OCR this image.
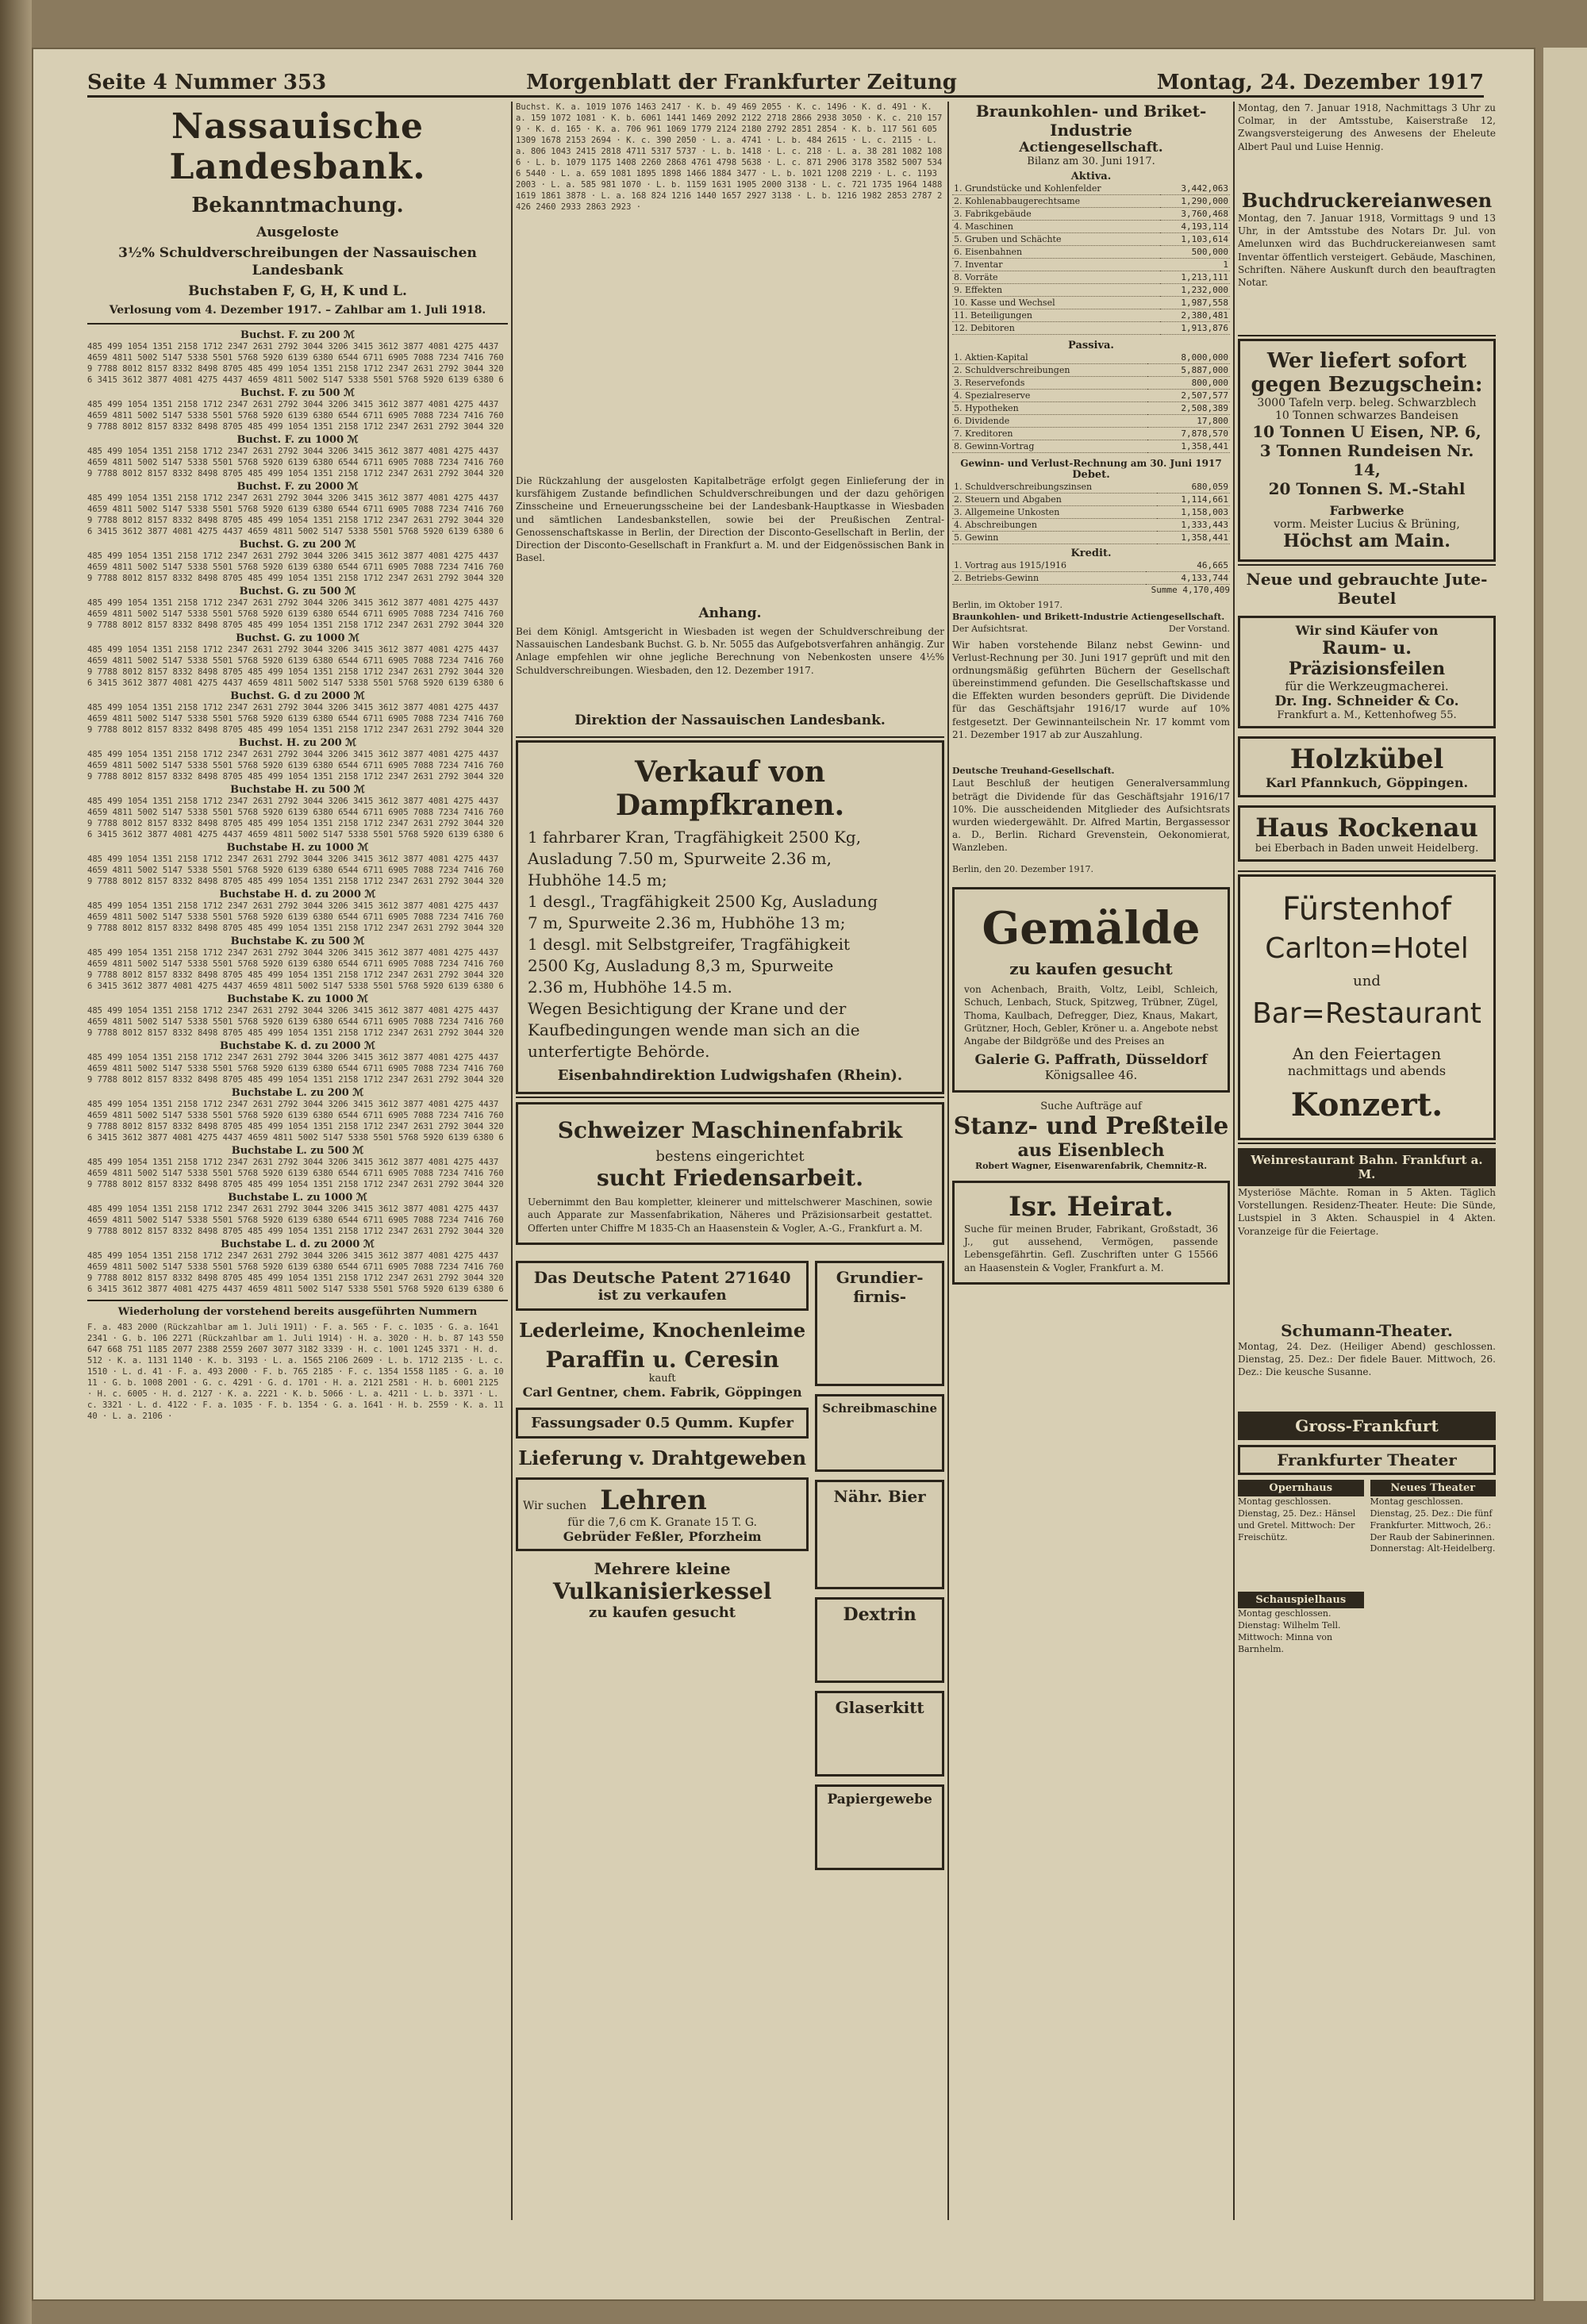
Seite 4 Nummer 353	Morgenblatt der Frankfurter Zeitung	Montag, 24. Dezember 1917
Nassauische Landesbank.
Bekanntmachung.
Ausgeloste
3½% Schuldverschreibungen der Nassauischen Landesbank
Buchstaben F, G, H, K und L.
Verlosung vom 4. Dezember 1917. – Zahlbar am 1. Juli 1918.
Buchst. F. zu 200 ℳ
485 499 1054 1351 2158 1712 2347 2631 2792 3044 3206 3415 3612 3877 4081 4275 4437 4659 4811 5002 5147 5338 5501 5768 5920 6139 6380 6544 6711 6905 7088 7234 7416 7609 7788 8012 8157 8332 8498 8705 485 499 1054 1351 2158 1712 2347 2631 2792 3044 3206 3415 3612 3877 4081 4275 4437 4659 4811 5002 5147 5338 5501 5768 5920 6139 6380 6
Buchst. F. zu 500 ℳ
485 499 1054 1351 2158 1712 2347 2631 2792 3044 3206 3415 3612 3877 4081 4275 4437 4659 4811 5002 5147 5338 5501 5768 5920 6139 6380 6544 6711 6905 7088 7234 7416 7609 7788 8012 8157 8332 8498 8705 485 499 1054 1351 2158 1712 2347 2631 2792 3044 320
Buchst. F. zu 1000 ℳ
485 499 1054 1351 2158 1712 2347 2631 2792 3044 3206 3415 3612 3877 4081 4275 4437 4659 4811 5002 5147 5338 5501 5768 5920 6139 6380 6544 6711 6905 7088 7234 7416 7609 7788 8012 8157 8332 8498 8705 485 499 1054 1351 2158 1712 2347 2631 2792 3044 320
Buchst. F. zu 2000 ℳ
485 499 1054 1351 2158 1712 2347 2631 2792 3044 3206 3415 3612 3877 4081 4275 4437 4659 4811 5002 5147 5338 5501 5768 5920 6139 6380 6544 6711 6905 7088 7234 7416 7609 7788 8012 8157 8332 8498 8705 485 499 1054 1351 2158 1712 2347 2631 2792 3044 3206 3415 3612 3877 4081 4275 4437 4659 4811 5002 5147 5338 5501 5768 5920 6139 6380 6
Buchst. G. zu 200 ℳ
485 499 1054 1351 2158 1712 2347 2631 2792 3044 3206 3415 3612 3877 4081 4275 4437 4659 4811 5002 5147 5338 5501 5768 5920 6139 6380 6544 6711 6905 7088 7234 7416 7609 7788 8012 8157 8332 8498 8705 485 499 1054 1351 2158 1712 2347 2631 2792 3044 320
Buchst. G. zu 500 ℳ
485 499 1054 1351 2158 1712 2347 2631 2792 3044 3206 3415 3612 3877 4081 4275 4437 4659 4811 5002 5147 5338 5501 5768 5920 6139 6380 6544 6711 6905 7088 7234 7416 7609 7788 8012 8157 8332 8498 8705 485 499 1054 1351 2158 1712 2347 2631 2792 3044 320
Buchst. G. zu 1000 ℳ
485 499 1054 1351 2158 1712 2347 2631 2792 3044 3206 3415 3612 3877 4081 4275 4437 4659 4811 5002 5147 5338 5501 5768 5920 6139 6380 6544 6711 6905 7088 7234 7416 7609 7788 8012 8157 8332 8498 8705 485 499 1054 1351 2158 1712 2347 2631 2792 3044 3206 3415 3612 3877 4081 4275 4437 4659 4811 5002 5147 5338 5501 5768 5920 6139 6380 6
Buchst. G. d zu 2000 ℳ
485 499 1054 1351 2158 1712 2347 2631 2792 3044 3206 3415 3612 3877 4081 4275 4437 4659 4811 5002 5147 5338 5501 5768 5920 6139 6380 6544 6711 6905 7088 7234 7416 7609 7788 8012 8157 8332 8498 8705 485 499 1054 1351 2158 1712 2347 2631 2792 3044 320
Buchst. H. zu 200 ℳ
485 499 1054 1351 2158 1712 2347 2631 2792 3044 3206 3415 3612 3877 4081 4275 4437 4659 4811 5002 5147 5338 5501 5768 5920 6139 6380 6544 6711 6905 7088 7234 7416 7609 7788 8012 8157 8332 8498 8705 485 499 1054 1351 2158 1712 2347 2631 2792 3044 320
Buchstabe H. zu 500 ℳ
485 499 1054 1351 2158 1712 2347 2631 2792 3044 3206 3415 3612 3877 4081 4275 4437 4659 4811 5002 5147 5338 5501 5768 5920 6139 6380 6544 6711 6905 7088 7234 7416 7609 7788 8012 8157 8332 8498 8705 485 499 1054 1351 2158 1712 2347 2631 2792 3044 3206 3415 3612 3877 4081 4275 4437 4659 4811 5002 5147 5338 5501 5768 5920 6139 6380 6
Buchstabe H. zu 1000 ℳ
485 499 1054 1351 2158 1712 2347 2631 2792 3044 3206 3415 3612 3877 4081 4275 4437 4659 4811 5002 5147 5338 5501 5768 5920 6139 6380 6544 6711 6905 7088 7234 7416 7609 7788 8012 8157 8332 8498 8705 485 499 1054 1351 2158 1712 2347 2631 2792 3044 320
Buchstabe H. d. zu 2000 ℳ
485 499 1054 1351 2158 1712 2347 2631 2792 3044 3206 3415 3612 3877 4081 4275 4437 4659 4811 5002 5147 5338 5501 5768 5920 6139 6380 6544 6711 6905 7088 7234 7416 7609 7788 8012 8157 8332 8498 8705 485 499 1054 1351 2158 1712 2347 2631 2792 3044 320
Buchstabe K. zu 500 ℳ
485 499 1054 1351 2158 1712 2347 2631 2792 3044 3206 3415 3612 3877 4081 4275 4437 4659 4811 5002 5147 5338 5501 5768 5920 6139 6380 6544 6711 6905 7088 7234 7416 7609 7788 8012 8157 8332 8498 8705 485 499 1054 1351 2158 1712 2347 2631 2792 3044 3206 3415 3612 3877 4081 4275 4437 4659 4811 5002 5147 5338 5501 5768 5920 6139 6380 6
Buchstabe K. zu 1000 ℳ
485 499 1054 1351 2158 1712 2347 2631 2792 3044 3206 3415 3612 3877 4081 4275 4437 4659 4811 5002 5147 5338 5501 5768 5920 6139 6380 6544 6711 6905 7088 7234 7416 7609 7788 8012 8157 8332 8498 8705 485 499 1054 1351 2158 1712 2347 2631 2792 3044 320
Buchstabe K. d. zu 2000 ℳ
485 499 1054 1351 2158 1712 2347 2631 2792 3044 3206 3415 3612 3877 4081 4275 4437 4659 4811 5002 5147 5338 5501 5768 5920 6139 6380 6544 6711 6905 7088 7234 7416 7609 7788 8012 8157 8332 8498 8705 485 499 1054 1351 2158 1712 2347 2631 2792 3044 320
Buchstabe L. zu 200 ℳ
485 499 1054 1351 2158 1712 2347 2631 2792 3044 3206 3415 3612 3877 4081 4275 4437 4659 4811 5002 5147 5338 5501 5768 5920 6139 6380 6544 6711 6905 7088 7234 7416 7609 7788 8012 8157 8332 8498 8705 485 499 1054 1351 2158 1712 2347 2631 2792 3044 3206 3415 3612 3877 4081 4275 4437 4659 4811 5002 5147 5338 5501 5768 5920 6139 6380 6
Buchstabe L. zu 500 ℳ
485 499 1054 1351 2158 1712 2347 2631 2792 3044 3206 3415 3612 3877 4081 4275 4437 4659 4811 5002 5147 5338 5501 5768 5920 6139 6380 6544 6711 6905 7088 7234 7416 7609 7788 8012 8157 8332 8498 8705 485 499 1054 1351 2158 1712 2347 2631 2792 3044 320
Buchstabe L. zu 1000 ℳ
485 499 1054 1351 2158 1712 2347 2631 2792 3044 3206 3415 3612 3877 4081 4275 4437 4659 4811 5002 5147 5338 5501 5768 5920 6139 6380 6544 6711 6905 7088 7234 7416 7609 7788 8012 8157 8332 8498 8705 485 499 1054 1351 2158 1712 2347 2631 2792 3044 320
Buchstabe L. d. zu 2000 ℳ
485 499 1054 1351 2158 1712 2347 2631 2792 3044 3206 3415 3612 3877 4081 4275 4437 4659 4811 5002 5147 5338 5501 5768 5920 6139 6380 6544 6711 6905 7088 7234 7416 7609 7788 8012 8157 8332 8498 8705 485 499 1054 1351 2158 1712 2347 2631 2792 3044 3206 3415 3612 3877 4081 4275 4437 4659 4811 5002 5147 5338 5501 5768 5920 6139 6380 6
Wiederholung der vorstehend bereits ausgeführten Nummern
F. a. 483 2000 (Rückzahlbar am 1. Juli 1911) · F. a. 565 · F. c. 1035 · G. a. 1641 2341 · G. b. 106 2271 (Rückzahlbar am 1. Juli 1914) · H. a. 3020 · H. b. 87 143 550 647 668 751 1185 2077 2388 2559 2607 3077 3182 3339 · H. c. 1001 1245 3371 · H. d. 512 · K. a. 1131 1140 · K. b. 3193 · L. a. 1565 2106 2609 · L. b. 1712 2135 · L. c. 1510 · L. d. 41 · F. a. 493 2000 · F. b. 765 2185 · F. c. 1354 1558 1185 · G. a. 1011 · G. b. 1008 2001 · G. c. 4291 · G. d. 1701 · H. a. 2121 2581 · H. b. 6001 2125 · H. c. 6005 · H. d. 2127 · K. a. 2221 · K. b. 5066 · L. a. 4211 · L. b. 3371 · L. c. 3321 · L. d. 4122 · F. a. 1035 · F. b. 1354 · G. a. 1641 · H. b. 2559 · K. a. 1140 · L. a. 2106 ·
Buchst. K. a. 1019 1076 1463 2417 · K. b. 49 469 2055 · K. c. 1496 · K. d. 491 · K. a. 159 1072 1081 · K. b. 6061 1441 1469 2092 2122 2718 2866 2938 3050 · K. c. 210 1579 · K. d. 165 · K. a. 706 961 1069 1779 2124 2180 2792 2851 2854 · K. b. 117 561 605 1309 1678 2153 2694 · K. c. 390 2050 · L. a. 4741 · L. b. 484 2615 · L. c. 2115 · L. a. 806 1043 2415 2818 4711 5317 5737 · L. b. 1418 · L. c. 218 · L. a. 38 281 1082 1086 · L. b. 1079 1175 1408 2260 2868 4761 4798 5638 · L. c. 871 2906 3178 3582 5007 5346 5440 · L. a. 659 1081 1895 1898 1466 1884 3477 · L. b. 1021 1208 2219 · L. c. 1193 2003 · L. a. 585 981 1070 · L. b. 1159 1631 1905 2000 3138 · L. c. 721 1735 1964 1488 1619 1861 3878 · L. a. 168 824 1216 1440 1657 2927 3138 · L. b. 1216 1982 2853 2787 2426 2460 2933 2863 2923 ·
Die Rückzahlung der ausgelosten Kapitalbeträge erfolgt gegen Einlieferung der in kursfähigem Zustande befindlichen Schuldverschreibungen und der dazu gehörigen Zinsscheine und Erneuerungsscheine bei der Landesbank-Hauptkasse in Wiesbaden und sämtlichen Landesbankstellen, sowie bei der Preußischen Zentral-Genossenschaftskasse in Berlin, der Direction der Disconto-Gesellschaft in Berlin, der Direction der Disconto-Gesellschaft in Frankfurt a. M. und der Eidgenössischen Bank in Basel.
Anhang.
Bei dem Königl. Amtsgericht in Wiesbaden ist wegen der Schuldverschreibung der Nassauischen Landesbank Buchst. G. b. Nr. 5055 das Aufgebotsverfahren anhängig. Zur Anlage empfehlen wir ohne jegliche Berechnung von Nebenkosten unsere 4½% Schuldverschreibungen. Wiesbaden, den 12. Dezember 1917.
Direktion der Nassauischen Landesbank.
Verkauf von Dampfkranen.
1 fahrbarer Kran, Tragfähigkeit 2500 Kg,
Ausladung 7.50 m, Spurweite 2.36 m,
Hubhöhe 14.5 m;
1 desgl., Tragfähigkeit 2500 Kg, Ausladung
7 m, Spurweite 2.36 m, Hubhöhe 13 m;
1 desgl. mit Selbstgreifer, Tragfähigkeit
2500 Kg, Ausladung 8,3 m, Spurweite
2.36 m, Hubhöhe 14.5 m.
Wegen Besichtigung der Krane und der
Kaufbedingungen wende man sich an die
unterfertigte Behörde.
Eisenbahndirektion Ludwigshafen (Rhein).
Schweizer Maschinenfabrik
bestens eingerichtet
sucht Friedensarbeit.
Uebernimmt den Bau kompletter, kleinerer und mittelschwerer Maschinen, sowie auch Apparate zur Massenfabrikation, Näheres und Präzisionsarbeit gestattet. Offerten unter Chiffre M 1835-Ch an Haasenstein & Vogler, A.-G., Frankfurt a. M.
Das Deutsche Patent 271640
ist zu verkaufen
Lederleime, Knochenleime
Paraffin u. Ceresin
kauft
Carl Gentner, chem. Fabrik, Göppingen
Fassungsader 0.5 Qumm. Kupfer
Lieferung v. Drahtgeweben
Wir suchen Lehren
für die 7,6 cm K. Granate 15 T. G.
Gebrüder Feßler, Pforzheim
Mehrere kleine
Vulkanisierkessel
zu kaufen gesucht
Grundier-firnis-
Schreibmaschine
Nähr. Bier
Dextrin
Glaserkitt
Papiergewebe
Braunkohlen- und Briket-Industrie
Actiengesellschaft.
Bilanz am 30. Juni 1917.
Aktiva.
1. Grundstücke und Kohlenfelder	3,442,063
2. Kohlenabbaugerechtsame	1,290,000
3. Fabrikgebäude	3,760,468
4. Maschinen	4,193,114
5. Gruben und Schächte	1,103,614
6. Eisenbahnen	500,000
7. Inventar	1
8. Vorräte	1,213,111
9. Effekten	1,232,000
10. Kasse und Wechsel	1,987,558
11. Beteiligungen	2,380,481
12. Debitoren	1,913,876
Passiva.
1. Aktien-Kapital	8,000,000
2. Schuldverschreibungen	5,887,000
3. Reservefonds	800,000
4. Spezialreserve	2,507,577
5. Hypotheken	2,508,389
6. Dividende	17,800
7. Kreditoren	7,878,570
8. Gewinn-Vortrag	1,358,441
Gewinn- und Verlust-Rechnung am 30. Juni 1917
Debet.
1. Schuldverschreibungszinsen	680,059
2. Steuern und Abgaben	1,114,661
3. Allgemeine Unkosten	1,158,003
4. Abschreibungen	1,333,443
5. Gewinn	1,358,441
Kredit.
1. Vortrag aus 1915/1916	46,665
2. Betriebs-Gewinn	4,133,744
Summe 4,170,409
Berlin, im Oktober 1917.
Braunkohlen- und Brikett-Industrie Actiengesellschaft.
Der Aufsichtsrat.	Der Vorstand.
Wir haben vorstehende Bilanz nebst Gewinn- und Verlust-Rechnung per 30. Juni 1917 geprüft und mit den ordnungsmäßig geführten Büchern der Gesellschaft übereinstimmend gefunden. Die Gesellschaftskasse und die Effekten wurden besonders geprüft. Die Dividende für das Geschäftsjahr 1916/17 wurde auf 10% festgesetzt. Der Gewinnanteilschein Nr. 17 kommt vom 21. Dezember 1917 ab zur Auszahlung.
Deutsche Treuhand-Gesellschaft.
Laut Beschluß der heutigen Generalversammlung beträgt die Dividende für das Geschäftsjahr 1916/17 10%. Die ausscheidenden Mitglieder des Aufsichtsrats wurden wiedergewählt. Dr. Alfred Martin, Bergassessor a. D., Berlin. Richard Grevenstein, Oekonomierat, Wanzleben.
Berlin, den 20. Dezember 1917.
Gemälde
zu kaufen gesucht
von Achenbach, Braith, Voltz, Leibl, Schleich, Schuch, Lenbach, Stuck, Spitzweg, Trübner, Zügel, Thoma, Kaulbach, Defregger, Diez, Knaus, Makart, Grützner, Hoch, Gebler, Kröner u. a. Angebote nebst Angabe der Bildgröße und des Preises an
Galerie G. Paffrath, Düsseldorf
Königsallee 46.
Suche Aufträge auf
Stanz- und Preßteile
aus Eisenblech
Robert Wagner, Eisenwarenfabrik, Chemnitz-R.
Isr. Heirat.
Suche für meinen Bruder, Fabrikant, Großstadt, 36 J., gut aussehend, Vermögen, passende Lebensgefährtin. Gefl. Zuschriften unter G 15566 an Haasenstein & Vogler, Frankfurt a. M.
Montag, den 7. Januar 1918, Nachmittags 3 Uhr zu Colmar, in der Amtsstube, Kaiserstraße 12, Zwangsversteigerung des Anwesens der Eheleute Albert Paul und Luise Hennig.
Buchdruckereianwesen
Montag, den 7. Januar 1918, Vormittags 9 und 13 Uhr, in der Amtsstube des Notars Dr. Jul. von Amelunxen wird das Buchdruckereianwesen samt Inventar öffentlich versteigert. Gebäude, Maschinen, Schriften. Nähere Auskunft durch den beauftragten Notar.
Wer liefert sofort gegen Bezugschein:
3000 Tafeln verp. beleg. Schwarzblech
10 Tonnen schwarzes Bandeisen
10 Tonnen U Eisen, NP. 6,
3 Tonnen Rundeisen Nr. 14,
20 Tonnen S. M.-Stahl
Farbwerke
vorm. Meister Lucius & Brüning,
Höchst am Main.
Neue und gebrauchte Jute-Beutel
Wir sind Käufer von
Raum- u. Präzisionsfeilen
für die Werkzeugmacherei.
Dr. Ing. Schneider & Co.
Frankfurt a. M., Kettenhofweg 55.
Holzkübel
Karl Pfannkuch, Göppingen.
Haus Rockenau
bei Eberbach in Baden unweit Heidelberg.
Fürstenhof
Carlton=Hotel
und
Bar=Restaurant
An den Feiertagen
nachmittags und abends
Konzert.
Weinrestaurant Bahn. Frankfurt a. M.
Mysteriöse Mächte. Roman in 5 Akten. Täglich Vorstellungen. Residenz-Theater. Heute: Die Sünde, Lustspiel in 3 Akten. Schauspiel in 4 Akten. Voranzeige für die Feiertage.
Schumann-Theater.
Montag, 24. Dez. (Heiliger Abend) geschlossen. Dienstag, 25. Dez.: Der fidele Bauer. Mittwoch, 26. Dez.: Die keusche Susanne.
Gross-Frankfurt
Frankfurter Theater
Opernhaus
Montag geschlossen. Dienstag, 25. Dez.: Hänsel und Gretel. Mittwoch: Der Freischütz.
Schauspielhaus
Montag geschlossen. Dienstag: Wilhelm Tell. Mittwoch: Minna von Barnhelm.
Neues Theater
Montag geschlossen. Dienstag, 25. Dez.: Die fünf Frankfurter. Mittwoch, 26.: Der Raub der Sabinerinnen. Donnerstag: Alt-Heidelberg.
